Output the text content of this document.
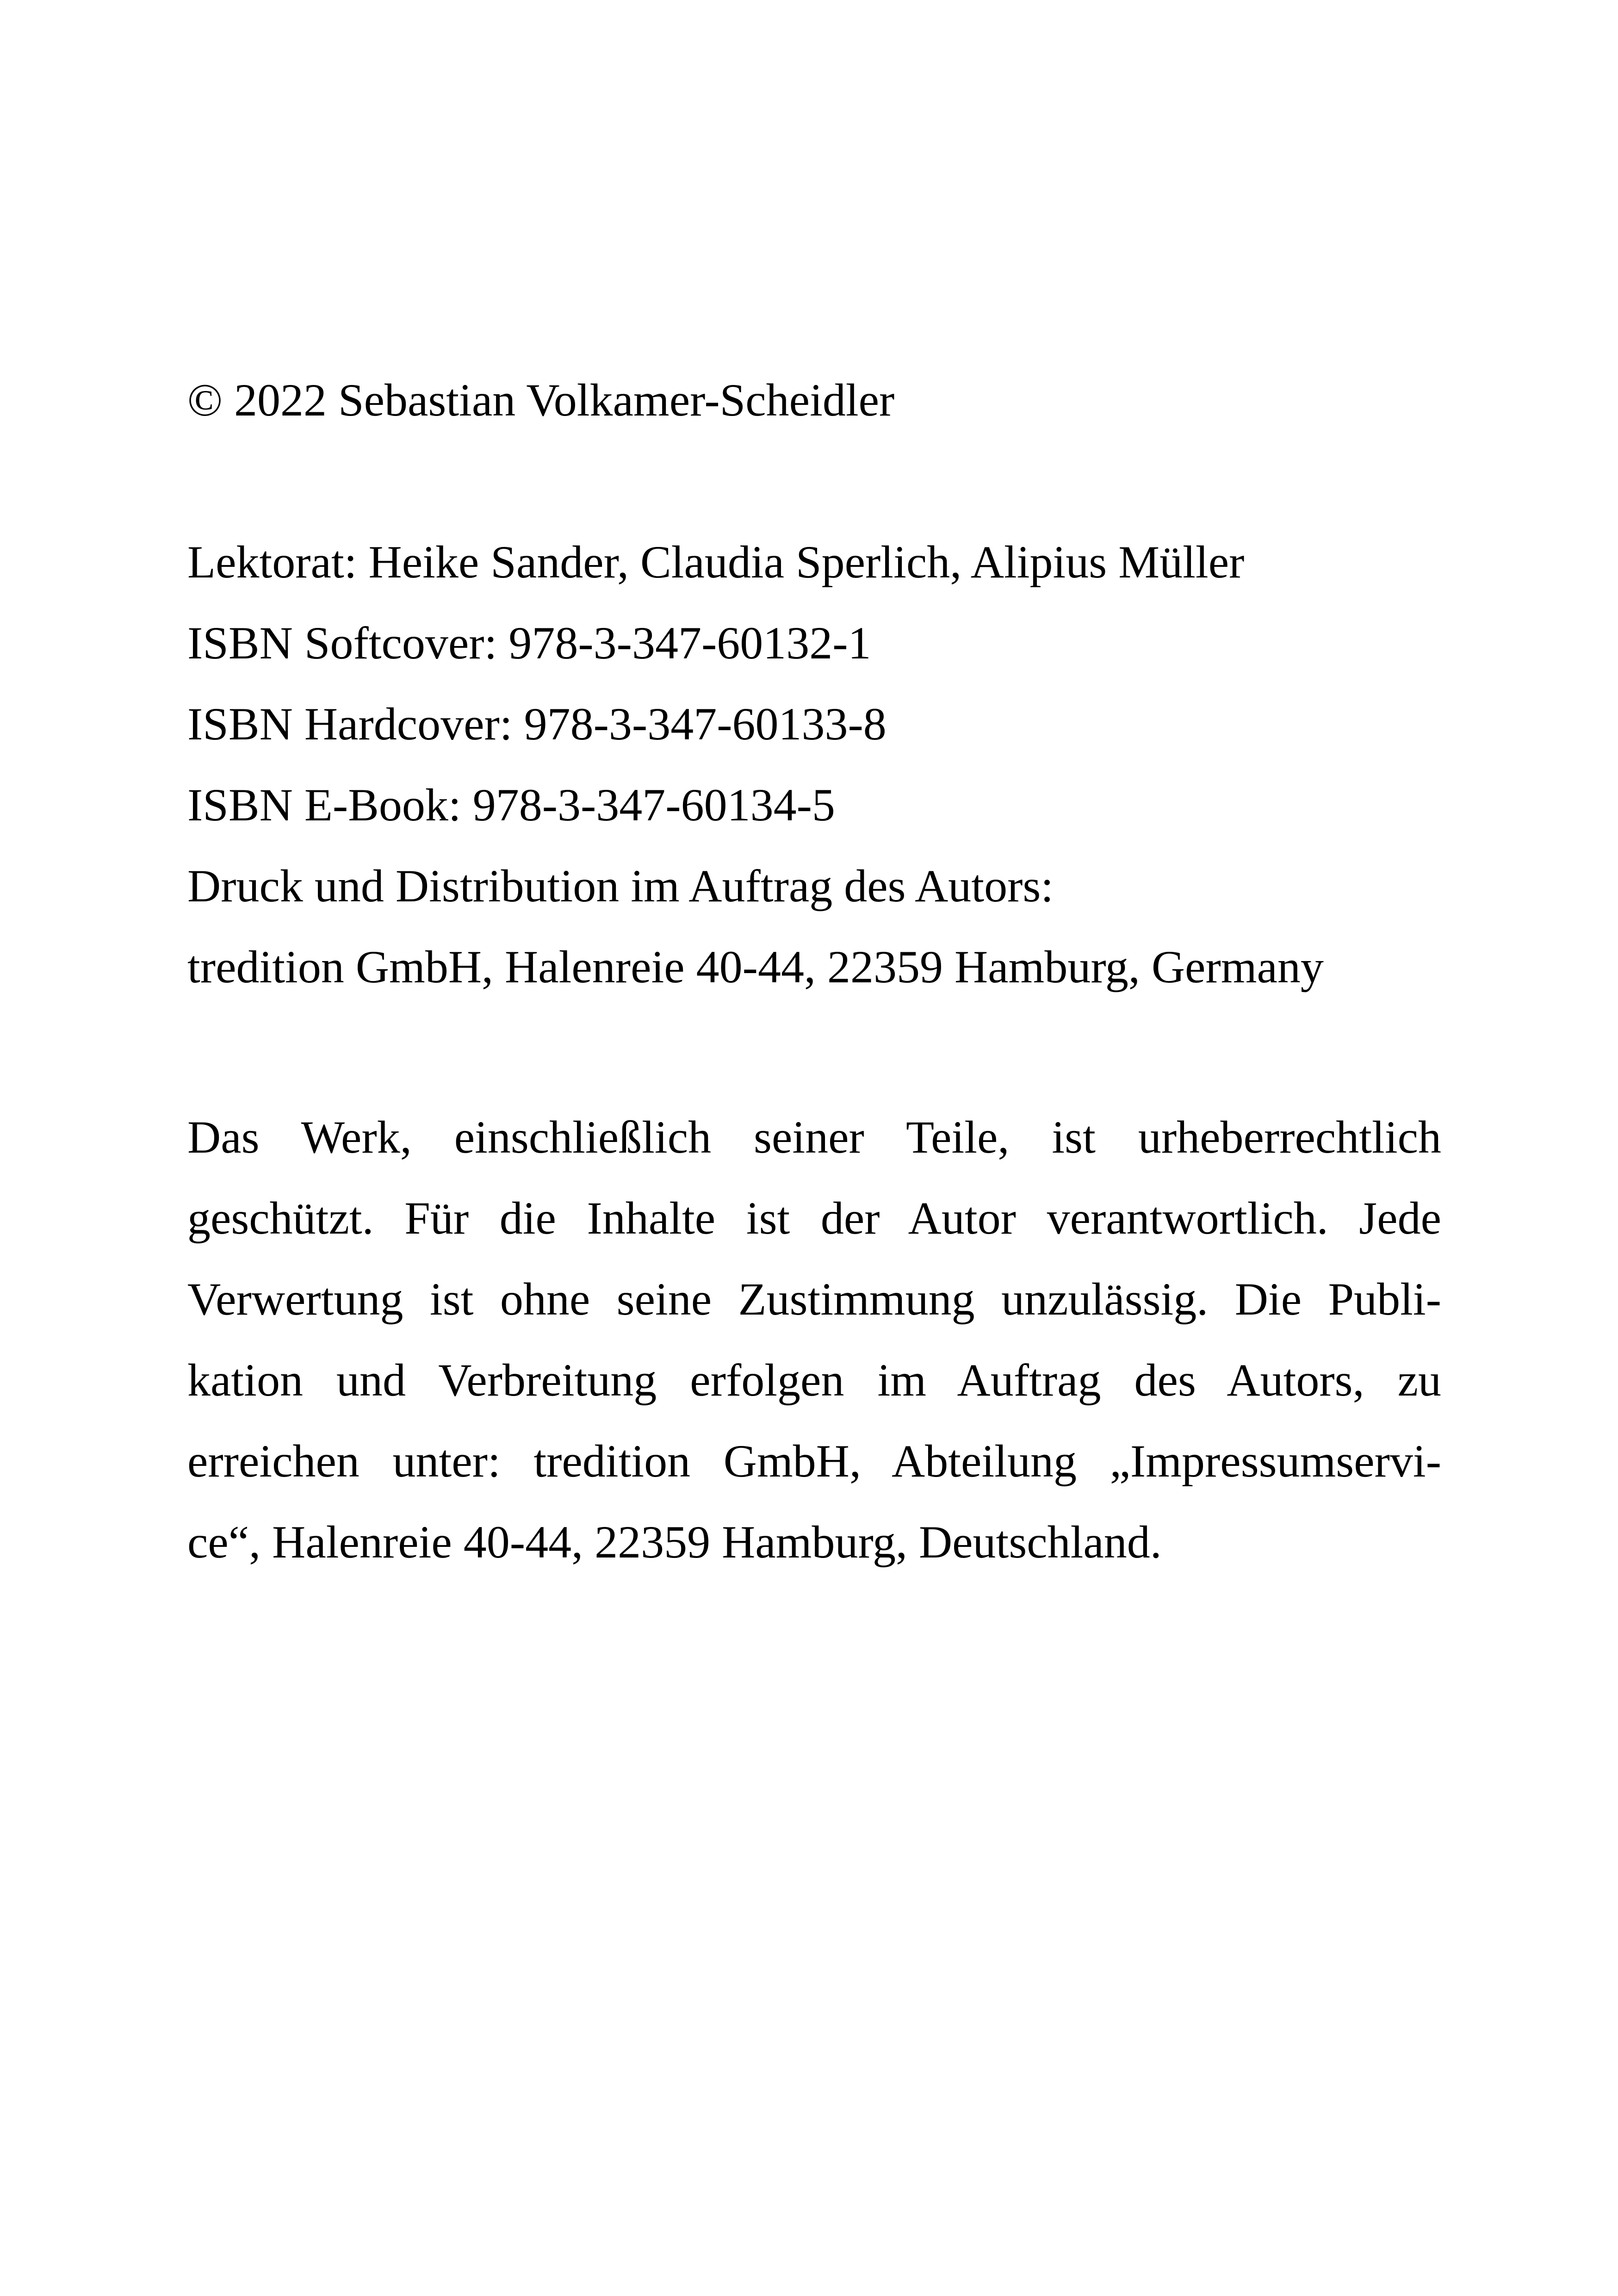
© 2022 Sebastian Volkamer-Scheidler

Lektorat: Heike Sander, Claudia Sperlich, Alipius Müller

ISBN Softcover: 978-3-347-60132-1

ISBN Hardcover: 978-3-347-60133-8

ISBN E-Book: 978-3-347-60134-5

Druck und Distribution im Auftrag des Autors:

tredition GmbH, Halenreie 40-44, 22359 Hamburg, Germany

Das Werk, einschließlich seiner Teile, ist urheberrechtlich
geschützt. Für die Inhalte ist der Autor verantwortlich. Jede
Verwertung ist ohne seine Zustimmung unzulässig. Die Publi-
kation und Verbreitung erfolgen im Auftrag des Autors, zu
erreichen unter: tredition GmbH, Abteilung „Impressumservi-
ce“, Halenreie 40-44, 22359 Hamburg, Deutschland.
